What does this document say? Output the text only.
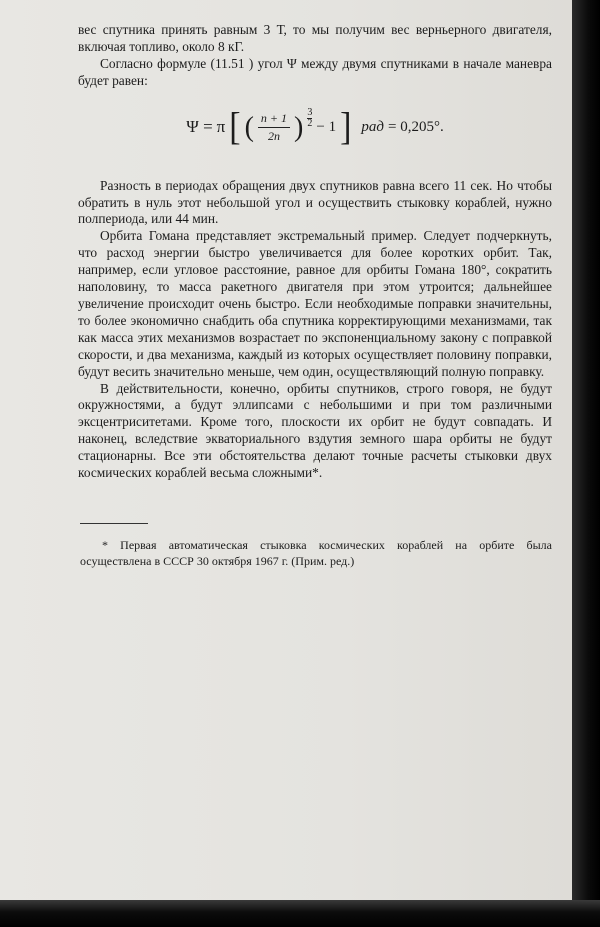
вес спутника принять равным 3 Т, то мы получим вес верньерного двигателя, включая топливо, около 8 кГ.

Согласно формуле (11.51 ) угол Ψ между двумя спутниками в начале маневра будет равен:

Ψ = π [ ( $\frac{n + 1}{2n}$ ) $\frac{3}{2} - 1$ ] рад = 0,205°.

Разность в периодах обращения двух спутников равна всего 11 сек. Но чтобы обратить в нуль этот небольшой угол и осуществить стыковку кораблей, нужно полпериода, или 44 мин.

Орбита Гомана представляет экстремальный пример. Следует подчеркнуть, что расход энергии быстро увеличивается для более коротких орбит. Так, например, если угловое расстояние, равное для орбиты Гомана 180°, сократить наполовину, то масса ракетного двигателя при этом утроится; дальнейшее увеличение происходит очень быстро. Если необходимые поправки значительны, то более экономично снабдить оба спутника корректирующими механизмами, так как масса этих механизмов возрастает по экспоненциальному закону с поправкой скорости, и два механизма, каждый из которых осуществляет половину поправки, будут весить значительно меньше, чем один, осуществляющий полную поправку.

В действительности, конечно, орбиты спутников, строго говоря, не будут окружностями, а будут эллипсами с небольшими и при том различными эксцентриситетами. Кроме того, плоскости их орбит не будут совпадать. И наконец, вследствие экваториального вздутия земного шара орбиты не будут стационарны. Все эти обстоятельства делают точные расчеты стыковки двух космических кораблей весьма сложными*.

* Первая автоматическая стыковка космических кораблей на орбите была осуществлена в СССР 30 октября 1967 г. (Прим. ред.)
